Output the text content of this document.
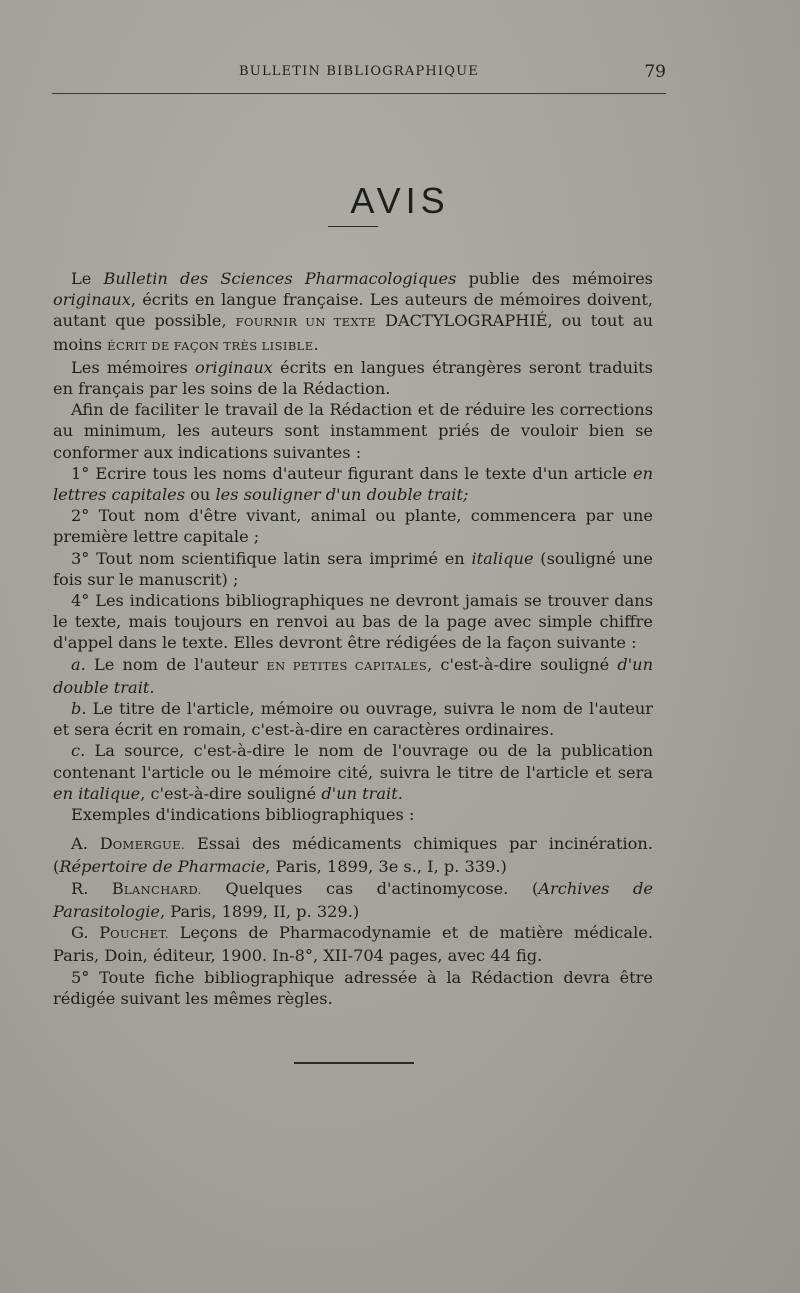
BULLETIN BIBLIOGRAPHIQUE	79
AVIS

Le Bulletin des Sciences Pharmacologiques publie des mémoires originaux, écrits en langue française. Les auteurs de mémoires doivent, autant que possible, FOURNIR UN TEXTE DACTYLOGRAPHIÉ, ou tout au moins ÉCRIT DE FAÇON TRÈS LISIBLE.

Les mémoires originaux écrits en langues étrangères seront traduits en français par les soins de la Rédaction.

Afin de faciliter le travail de la Rédaction et de réduire les corrections au minimum, les auteurs sont instamment priés de vouloir bien se conformer aux indications suivantes :

1° Ecrire tous les noms d'auteur figurant dans le texte d'un article en lettres capitales ou les souligner d'un double trait;

2° Tout nom d'être vivant, animal ou plante, commencera par une première lettre capitale ;

3° Tout nom scientifique latin sera imprimé en italique (souligné une fois sur le manuscrit) ;

4° Les indications bibliographiques ne devront jamais se trouver dans le texte, mais toujours en renvoi au bas de la page avec simple chiffre d'appel dans le texte. Elles devront être rédigées de la façon suivante :

a. Le nom de l'auteur EN PETITES CAPITALES, c'est-à-dire souligné d'un double trait.

b. Le titre de l'article, mémoire ou ouvrage, suivra le nom de l'auteur et sera écrit en romain, c'est-à-dire en caractères ordinaires.

c. La source, c'est-à-dire le nom de l'ouvrage ou de la publication contenant l'article ou le mémoire cité, suivra le titre de l'article et sera en italique, c'est-à-dire souligné d'un trait.

Exemples d'indications bibliographiques :

A. DOMERGUE. Essai des médicaments chimiques par incinération. (Répertoire de Pharmacie, Paris, 1899, 3e s., I, p. 339.)

R. BLANCHARD. Quelques cas d'actinomycose. (Archives de Parasitologie, Paris, 1899, II, p. 329.)

G. POUCHET. Leçons de Pharmacodynamie et de matière médicale. Paris, Doin, éditeur, 1900. In-8°, XII-704 pages, avec 44 fig.

5° Toute fiche bibliographique adressée à la Rédaction devra être rédigée suivant les mêmes règles.
